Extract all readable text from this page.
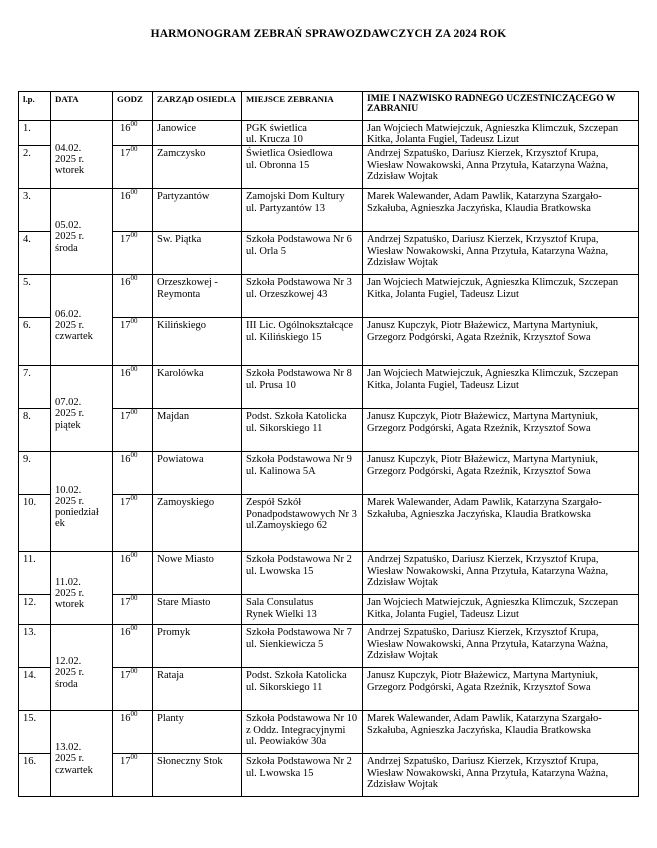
HARMONOGRAM ZEBRAŃ SPRAWOZDAWCZYCH ZA 2024 ROK
l.p.	DATA	GODZ	ZARZĄD OSIEDLA	MIEJSCE ZEBRANIA	IMIE I NAZWISKO RADNEGO UCZESTNICZĄCEGO W ZABRANIU
1.	04.02.
2025 r.
wtorek	$16^{00}$	Janowice	PGK świetlica
ul. Krucza 10	Jan Wojciech Matwiejczuk, Agnieszka Klimczuk, Szczepan Kitka, Jolanta Fugiel, Tadeusz Lizut
2.		$17^{00}$	Zamczysko	Świetlica Osiedlowa
ul. Obronna 15	Andrzej Szpatuśko, Dariusz Kierzek, Krzysztof Krupa, Wiesław Nowakowski, Anna Przytuła, Katarzyna Ważna, Zdzisław Wojtak
3.	05.02.
2025 r.
środa	$16^{00}$	Partyzantów	Zamojski Dom Kultury
ul. Partyzantów 13	Marek Walewander, Adam Pawlik, Katarzyna Szargało-Szkałuba, Agnieszka Jaczyńska, Klaudia Bratkowska
4.		$17^{00}$	Sw. Piątka	Szkoła Podstawowa Nr 6
ul. Orla 5	Andrzej Szpatuśko, Dariusz Kierzek, Krzysztof Krupa, Wiesław Nowakowski, Anna Przytuła, Katarzyna Ważna, Zdzisław Wojtak
5.	06.02.
2025 r.
czwartek	$16^{00}$	Orzeszkowej - Reymonta	Szkoła Podstawowa Nr 3
ul. Orzeszkowej 43	Jan Wojciech Matwiejczuk, Agnieszka Klimczuk, Szczepan Kitka, Jolanta Fugiel, Tadeusz Lizut
6.		$17^{00}$	Kilińskiego	III Lic. Ogólnokształcące
ul. Kilińskiego 15	Janusz Kupczyk, Piotr Błażewicz, Martyna Martyniuk, Grzegorz Podgórski, Agata Rzeźnik, Krzysztof Sowa
7.	07.02.
2025 r.
piątek	$16^{00}$	Karolówka	Szkoła Podstawowa Nr 8
ul. Prusa 10	Jan Wojciech Matwiejczuk, Agnieszka Klimczuk, Szczepan Kitka, Jolanta Fugiel, Tadeusz Lizut
8.		$17^{00}$	Majdan	Podst. Szkoła Katolicka
ul. Sikorskiego 11	Janusz Kupczyk, Piotr Błażewicz, Martyna Martyniuk, Grzegorz Podgórski, Agata Rzeźnik, Krzysztof Sowa
9.	10.02.
2025 r.
poniedział
ek	$16^{00}$	Powiatowa	Szkoła Podstawowa Nr 9
ul. Kalinowa 5A	Janusz Kupczyk, Piotr Błażewicz, Martyna Martyniuk, Grzegorz Podgórski, Agata Rzeźnik, Krzysztof Sowa
10.		$17^{00}$	Zamoyskiego	Zespół Szkół Ponadpodstawowych Nr 3
ul.Zamoyskiego 62	Marek Walewander, Adam Pawlik, Katarzyna Szargało-Szkałuba, Agnieszka Jaczyńska, Klaudia Bratkowska
11.	11.02.
2025 r.
wtorek	$16^{00}$	Nowe Miasto	Szkoła Podstawowa Nr 2
ul. Lwowska 15	Andrzej Szpatuśko, Dariusz Kierzek, Krzysztof Krupa, Wiesław Nowakowski, Anna Przytuła, Katarzyna Ważna, Zdzisław Wojtak
12.		$17^{00}$	Stare Miasto	Sala Consulatus
Rynek Wielki 13	Jan Wojciech Matwiejczuk, Agnieszka Klimczuk, Szczepan Kitka, Jolanta Fugiel, Tadeusz Lizut
13.	12.02.
2025 r.
środa	$16^{00}$	Promyk	Szkoła Podstawowa Nr 7
ul. Sienkiewicza 5	Andrzej Szpatuśko, Dariusz Kierzek, Krzysztof Krupa, Wiesław Nowakowski, Anna Przytuła, Katarzyna Ważna, Zdzisław Wojtak
14.		$17^{00}$	Rataja	Podst. Szkoła Katolicka
ul. Sikorskiego 11	Janusz Kupczyk, Piotr Błażewicz, Martyna Martyniuk, Grzegorz Podgórski, Agata Rzeźnik, Krzysztof Sowa
15.	13.02.
2025 r.
czwartek	$16^{00}$	Planty	Szkoła Podstawowa Nr 10 z Oddz. Integracyjnymi
ul. Peowiaków 30a	Marek Walewander, Adam Pawlik, Katarzyna Szargało-Szkałuba, Agnieszka Jaczyńska, Klaudia Bratkowska
16.		$17^{00}$	Słoneczny Stok	Szkoła Podstawowa Nr 2
ul. Lwowska 15	Andrzej Szpatuśko, Dariusz Kierzek, Krzysztof Krupa, Wiesław Nowakowski, Anna Przytuła, Katarzyna Ważna, Zdzisław Wojtak
